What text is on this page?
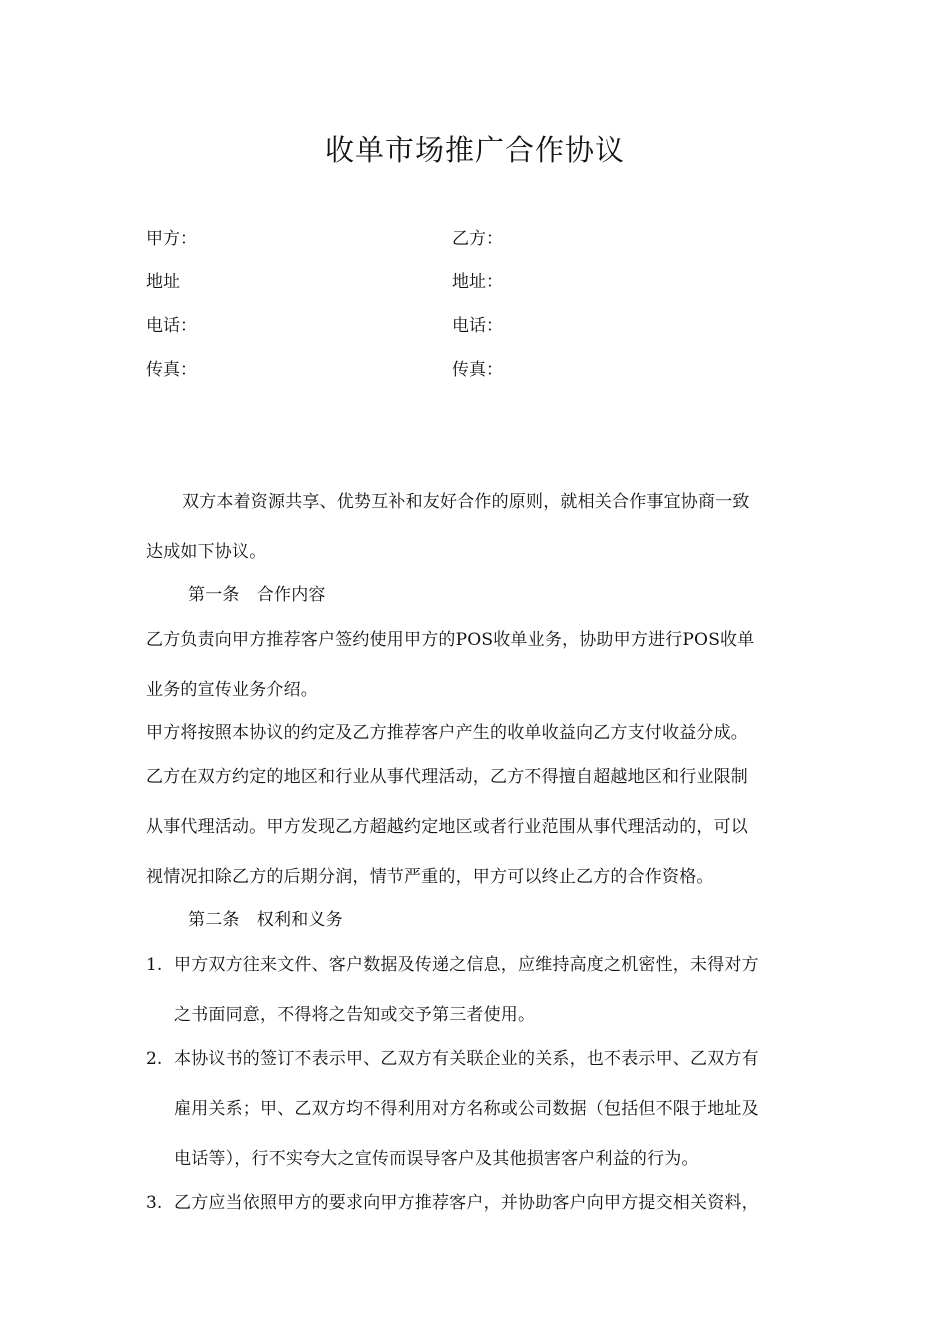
收单市场推广合作协议
甲方：	乙方：
地址	地址：
电话：	电话：
传真：	传真：
双方本着资源共享、优势互补和友好合作的原则，就相关合作事宜协商一致
达成如下协议。
第一条　合作内容
乙方负责向甲方推荐客户签约使用甲方的POS收单业务，协助甲方进行POS收单
业务的宣传业务介绍。
甲方将按照本协议的约定及乙方推荐客户产生的收单收益向乙方支付收益分成。
乙方在双方约定的地区和行业从事代理活动，乙方不得擅自超越地区和行业限制
从事代理活动。甲方发现乙方超越约定地区或者行业范围从事代理活动的，可以
视情况扣除乙方的后期分润，情节严重的，甲方可以终止乙方的合作资格。
第二条　权利和义务
1. 甲方双方往来文件、客户数据及传递之信息，应维持高度之机密性，未得对方
之书面同意，不得将之告知或交予第三者使用。
2. 本协议书的签订不表示甲、乙双方有关联企业的关系，也不表示甲、乙双方有
雇用关系；甲、乙双方均不得利用对方名称或公司数据（包括但不限于地址及
电话等），行不实夸大之宣传而误导客户及其他损害客户利益的行为。
3. 乙方应当依照甲方的要求向甲方推荐客户，并协助客户向甲方提交相关资料，
